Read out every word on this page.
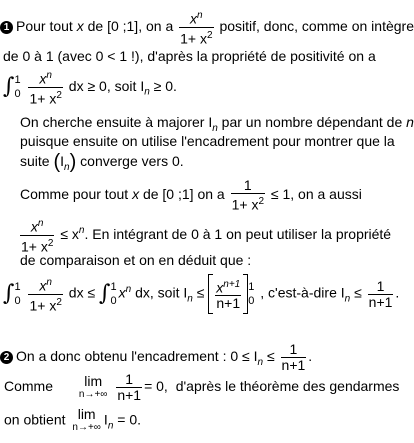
1 Pour tout x de [0 ;1], on a $\frac{x^n}{1+ x^2}$ positif, donc, comme on intègre
de 0 à 1 (avec 0 < 1 !), d'après la propriété de positivité on a
∫ 1
0
$\frac{x^n}{1+ x^2}$ dx ≥ 0, soit $I_n \ge 0$.
On cherche ensuite à majorer $I_n$ par un nombre dépendant de n
puisque ensuite on utilise l'encadrement pour montrer que la
suite $(I_n)$ converge vers 0.
Comme pour tout x de [0 ;1] on a $\frac{1}{1+ x^2} \le 1$, on a aussi
$\frac{x^n}{1+ x^2} \le x^n$. En intégrant de 0 à 1 on peut utiliser la propriété
de comparaison et on en déduit que :
∫ 1
0
$\frac{x^n}{1+ x^2}$ dx ≤ ∫ 1
0
$x^n$ dx, soit $I_n \le \frac{x^{n+1}}{n+1} 1$
0
, c'est-à-dire $I_n \le \frac{1}{n+1}$ .
2 On a donc obtenu l'encadrement : $0 \le I_n \le \frac{1}{n+1}$ .
Comme	lim
n→+∞
$\frac{1}{n+1} = 0$, d'après le théorème des gendarmes
on obtient lim
n→+∞ $I_n = 0$.
